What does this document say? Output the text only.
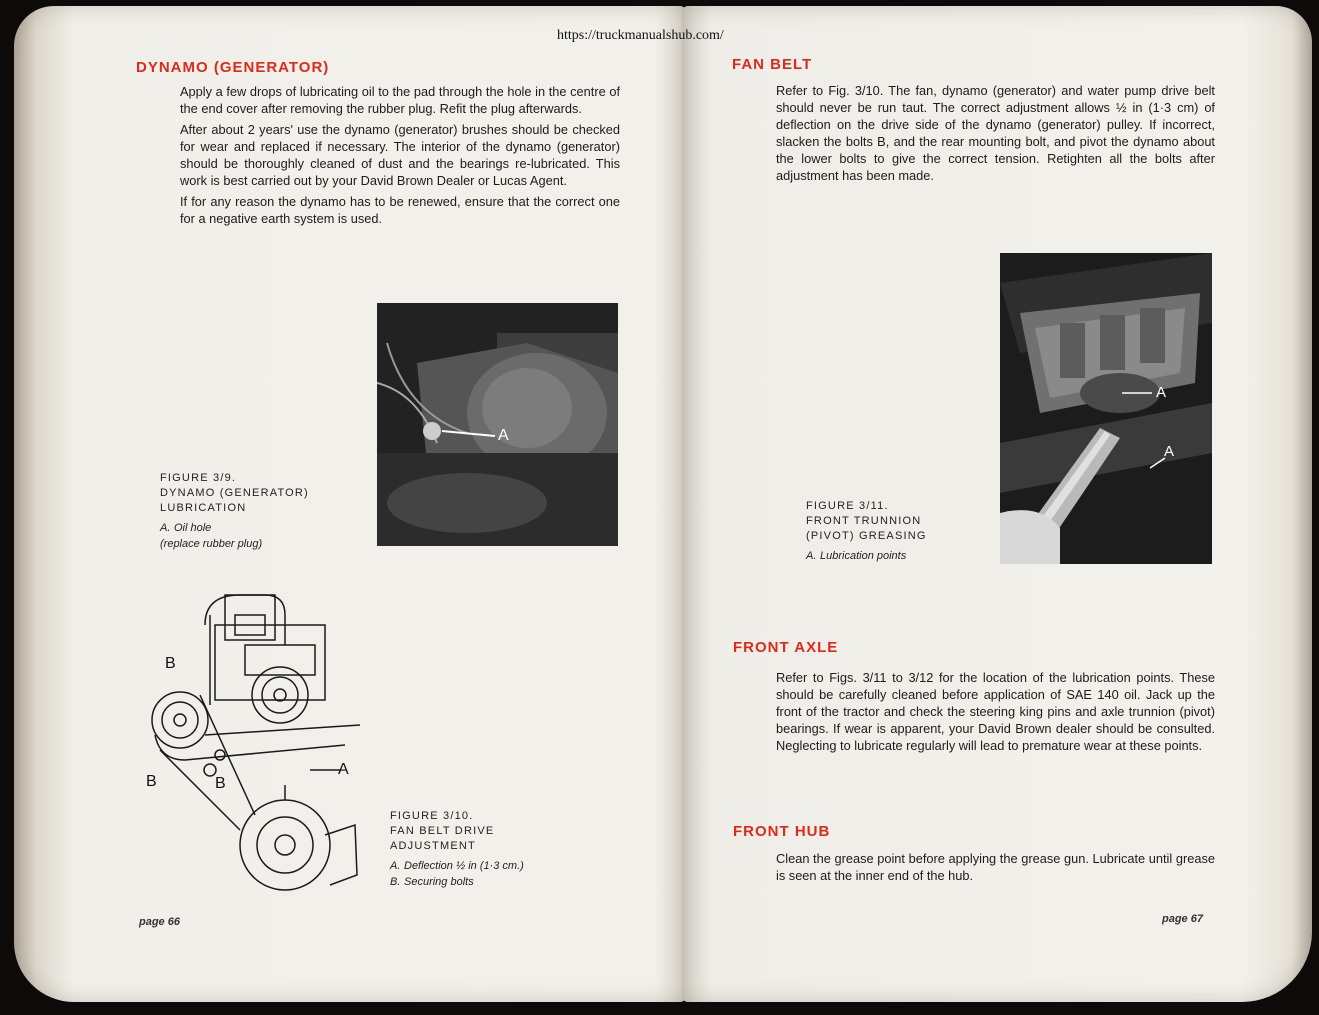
https://truckmanualshub.com/
DYNAMO (GENERATOR)

Apply a few drops of lubricating oil to the pad through the hole in the centre of the end cover after removing the rubber plug. Refit the plug afterwards.

After about 2 years' use the dynamo (generator) brushes should be checked for wear and replaced if necessary. The interior of the dynamo (generator) should be thoroughly cleaned of dust and the bearings re-lubricated. This work is best carried out by your David Brown Dealer or Lucas Agent.

If for any reason the dynamo has to be renewed, ensure that the correct one for a negative earth system is used.

A
FIGURE 3/9.
DYNAMO (GENERATOR)
LUBRICATION
A. Oil hole
(replace rubber plug)
B
B	B
A
FIGURE 3/10.
FAN BELT DRIVE
ADJUSTMENT
A. Deflection ½ in (1·3 cm.)
B. Securing bolts
page 66
FAN BELT

Refer to Fig. 3/10. The fan, dynamo (generator) and water pump drive belt should never be run taut. The correct adjustment allows ½ in (1·3 cm) of deflection on the drive side of the dynamo (generator) pulley. If incorrect, slacken the bolts B, and the rear mounting bolt, and pivot the dynamo about the lower bolts to give the correct tension. Retighten all the bolts after adjustment has been made.

A
A
FIGURE 3/11.
FRONT TRUNNION
(PIVOT) GREASING
A. Lubrication points
FRONT AXLE

Refer to Figs. 3/11 to 3/12 for the location of the lubrication points. These should be carefully cleaned before application of SAE 140 oil. Jack up the front of the tractor and check the steering king pins and axle trunnion (pivot) bearings. If wear is apparent, your David Brown dealer should be consulted. Neglecting to lubricate regularly will lead to premature wear at these points.

FRONT HUB

Clean the grease point before applying the grease gun. Lubricate until grease is seen at the inner end of the hub.

page 67
